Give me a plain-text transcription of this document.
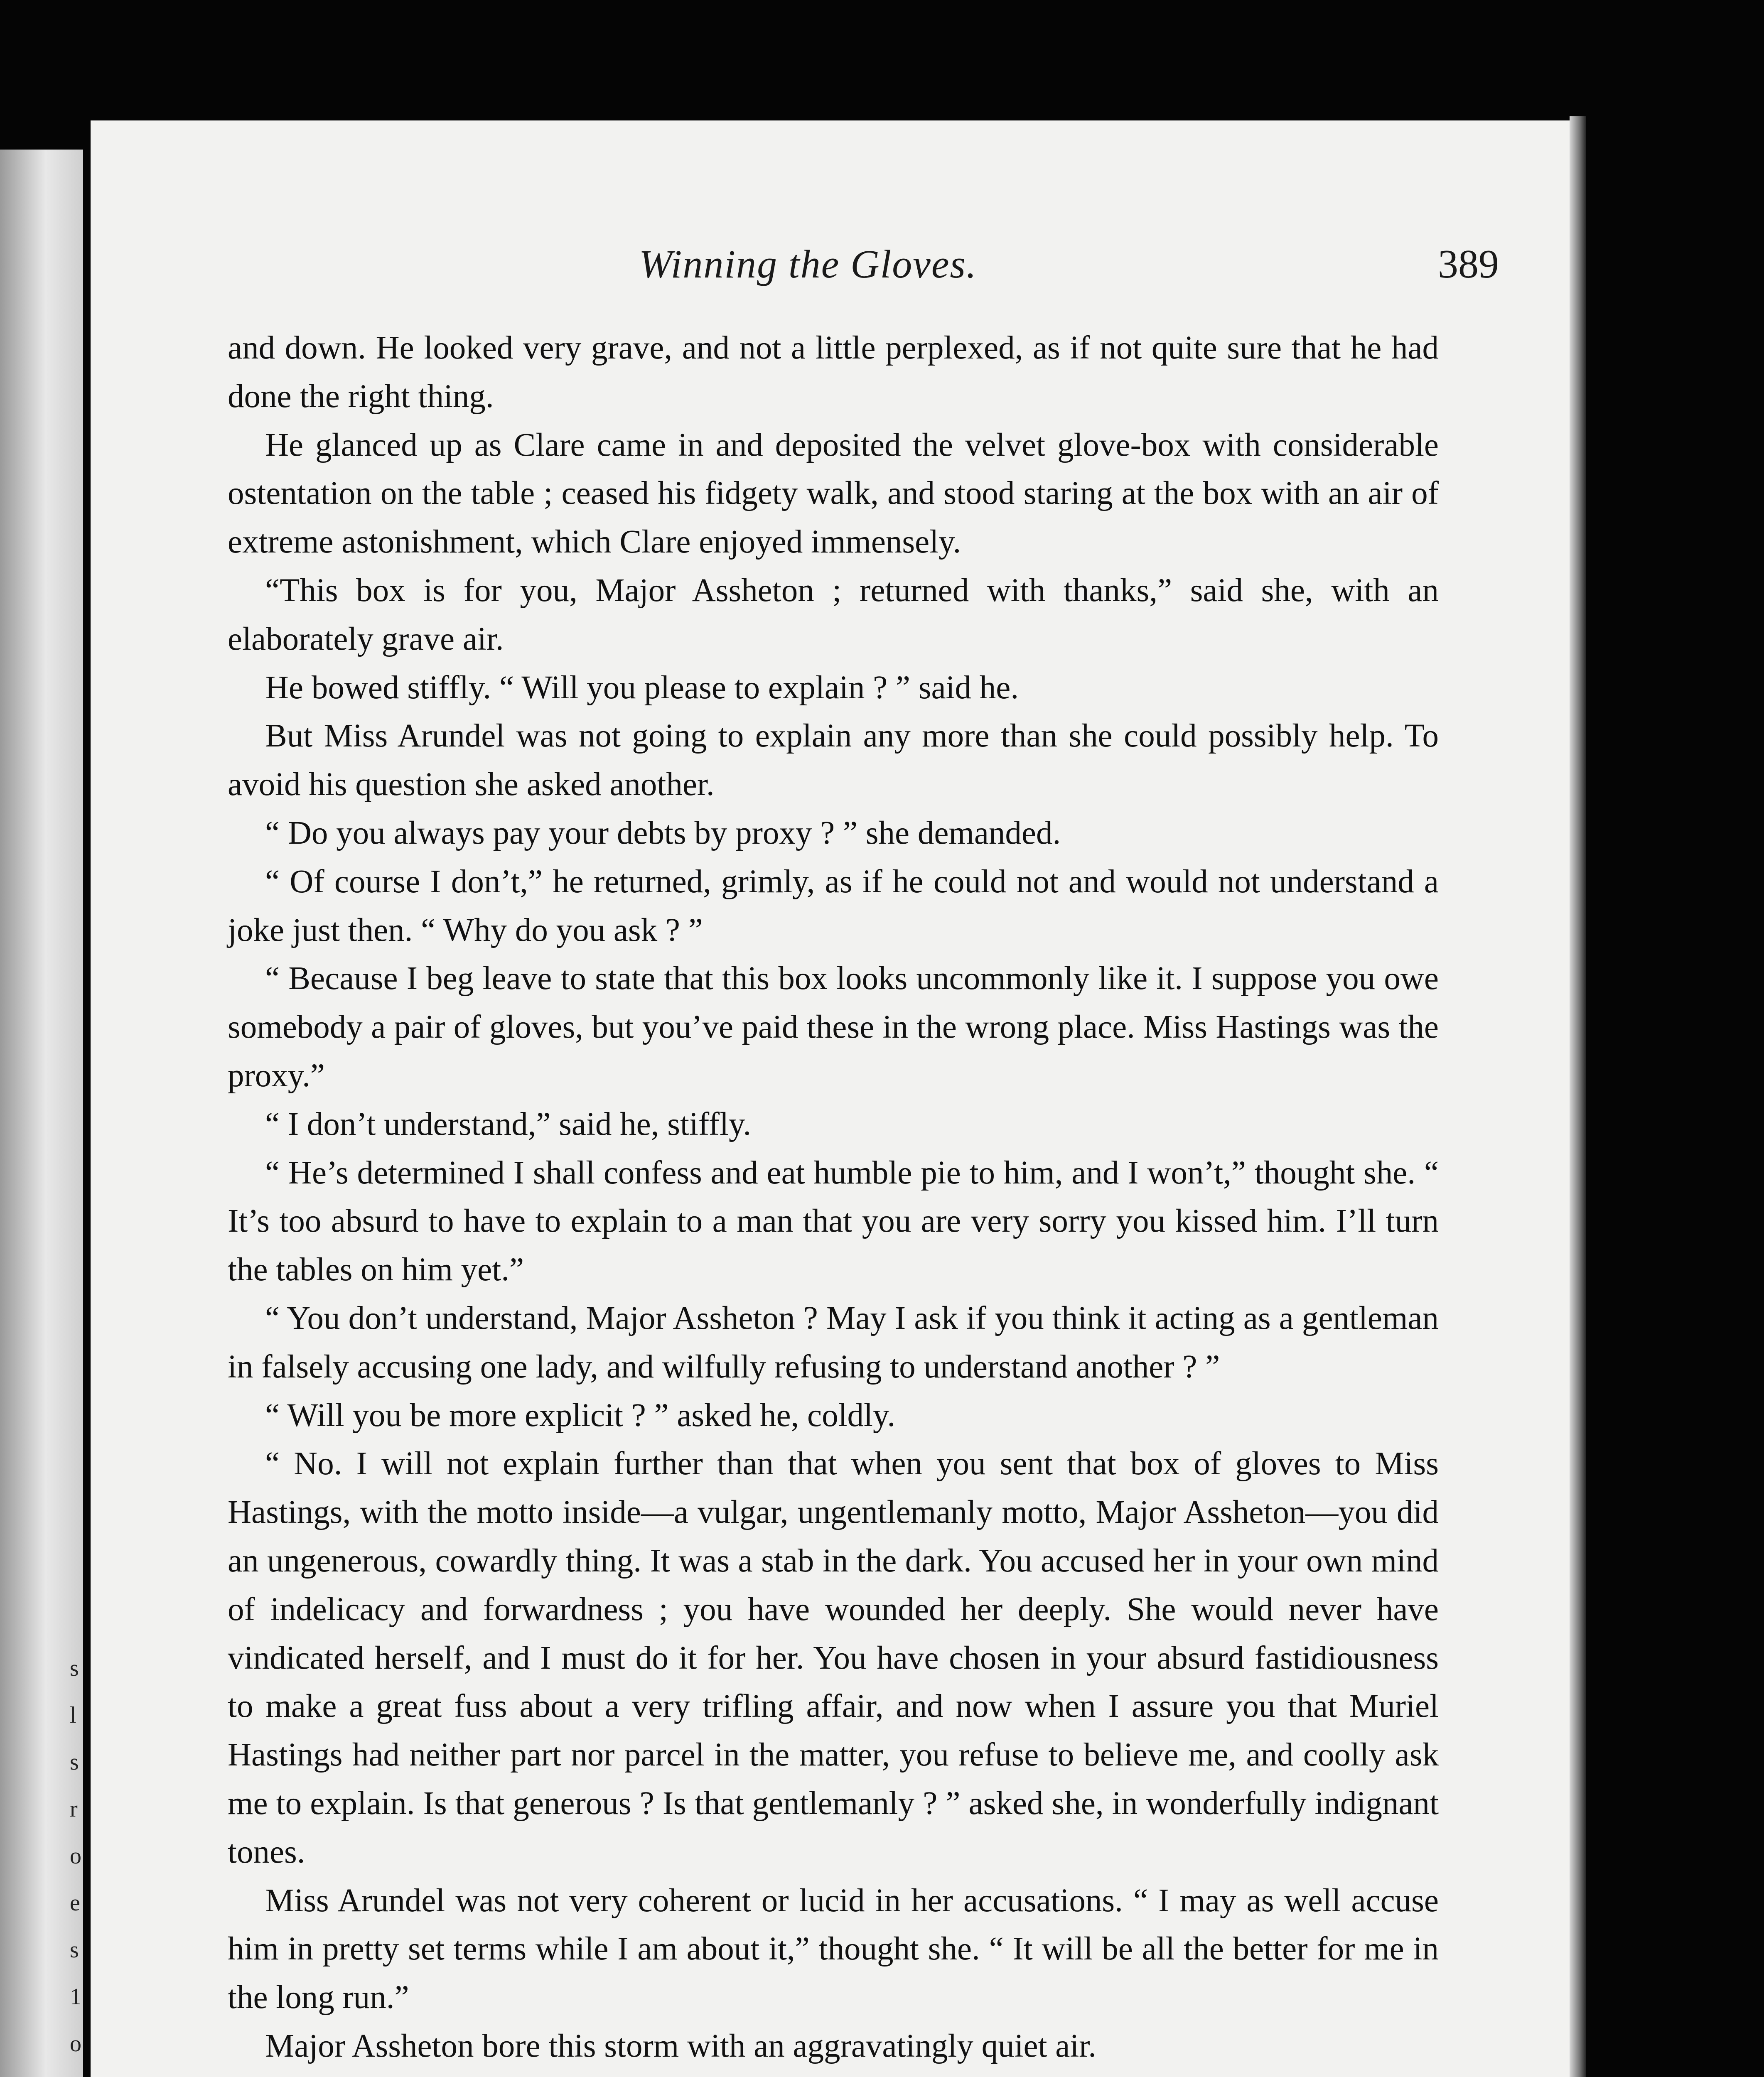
s
l
s
r
o
e
s
1
o
Winning the Gloves.	389

and down. He looked very grave, and not a little perplexed, as if not quite sure that he had done the right thing.

He glanced up as Clare came in and deposited the velvet glove-box with considerable ostentation on the table ; ceased his fidgety walk, and stood staring at the box with an air of extreme astonishment, which Clare enjoyed immensely.

“This box is for you, Major Assheton ; returned with thanks,” said she, with an elaborately grave air.

He bowed stiffly. “ Will you please to explain ? ” said he.

But Miss Arundel was not going to explain any more than she could possibly help. To avoid his question she asked another.

“ Do you always pay your debts by proxy ? ” she demanded.

“ Of course I don’t,” he returned, grimly, as if he could not and would not understand a joke just then. “ Why do you ask ? ”

“ Because I beg leave to state that this box looks uncommonly like it. I suppose you owe somebody a pair of gloves, but you’ve paid these in the wrong place. Miss Hastings was the proxy.”

“ I don’t understand,” said he, stiffly.

“ He’s determined I shall confess and eat humble pie to him, and I won’t,” thought she. “ It’s too absurd to have to explain to a man that you are very sorry you kissed him. I’ll turn the tables on him yet.”

“ You don’t understand, Major Assheton ? May I ask if you think it acting as a gentleman in falsely accusing one lady, and wilfully refusing to understand another ? ”

“ Will you be more explicit ? ” asked he, coldly.

“ No. I will not explain further than that when you sent that box of gloves to Miss Hastings, with the motto inside—a vulgar, ungentlemanly motto, Major Assheton—you did an ungenerous, cowardly thing. It was a stab in the dark. You accused her in your own mind of indelicacy and forwardness ; you have wounded her deeply. She would never have vindicated herself, and I must do it for her. You have chosen in your absurd fastidiousness to make a great fuss about a very trifling affair, and now when I assure you that Muriel Hastings had neither part nor parcel in the matter, you refuse to believe me, and coolly ask me to explain. Is that generous ? Is that gentlemanly ? ” asked she, in wonderfully indignant tones.

Miss Arundel was not very coherent or lucid in her accusations. “ I may as well accuse him in pretty set terms while I am about it,” thought she. “ It will be all the better for me in the long run.”

Major Assheton bore this storm with an aggravatingly quiet air.
